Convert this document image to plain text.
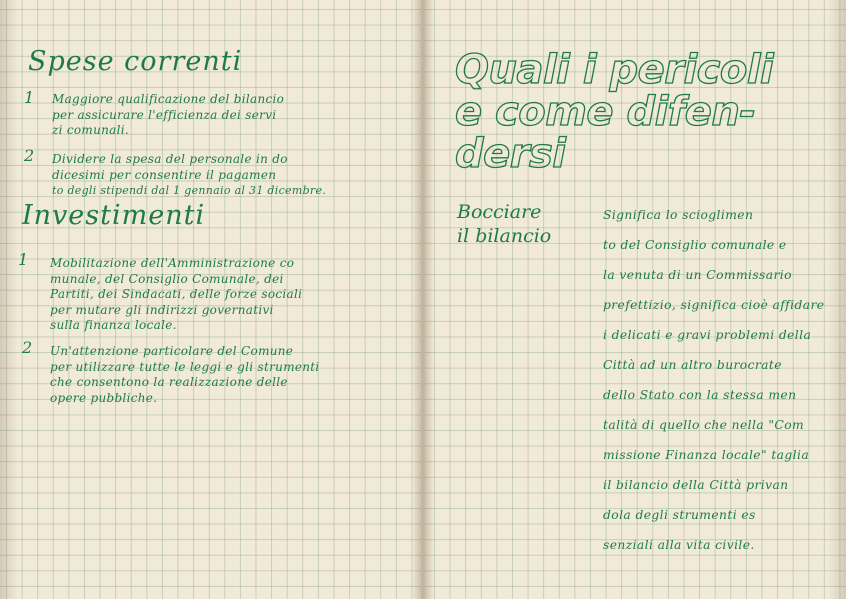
Spese correnti
1 Maggiore qualificazione del bilancio
per assicurare l'efficienza dei servi
zi comunali.
2 Dividere la spesa del personale in do
dicesimi per consentire il pagamen
to degli stipendi dal 1 gennaio al 31 dicembre.
Investimenti
1 Mobilitazione dell'Amministrazione co
munale, del Consiglio Comunale, dei
Partiti, dei Sindacati, delle forze sociali
per mutare gli indirizzi governativi
sulla finanza locale.
2 Un'attenzione particolare del Comune
per utilizzare tutte le leggi e gli strumenti
che consentono la realizzazione delle
opere pubbliche.
Quali i pericoli
e come difen-
dersi
Bocciare
il bilancio
Significa lo scioglimen
to del Consiglio comunale e
la venuta di un Commissario
prefettizio, significa cioè affidare
i delicati e gravi problemi della
Città ad un altro burocrate
dello Stato con la stessa men
talità di quello che nella "Com
missione Finanza locale" taglia
il bilancio della Città privan
dola degli strumenti es
senziali alla vita civile.
